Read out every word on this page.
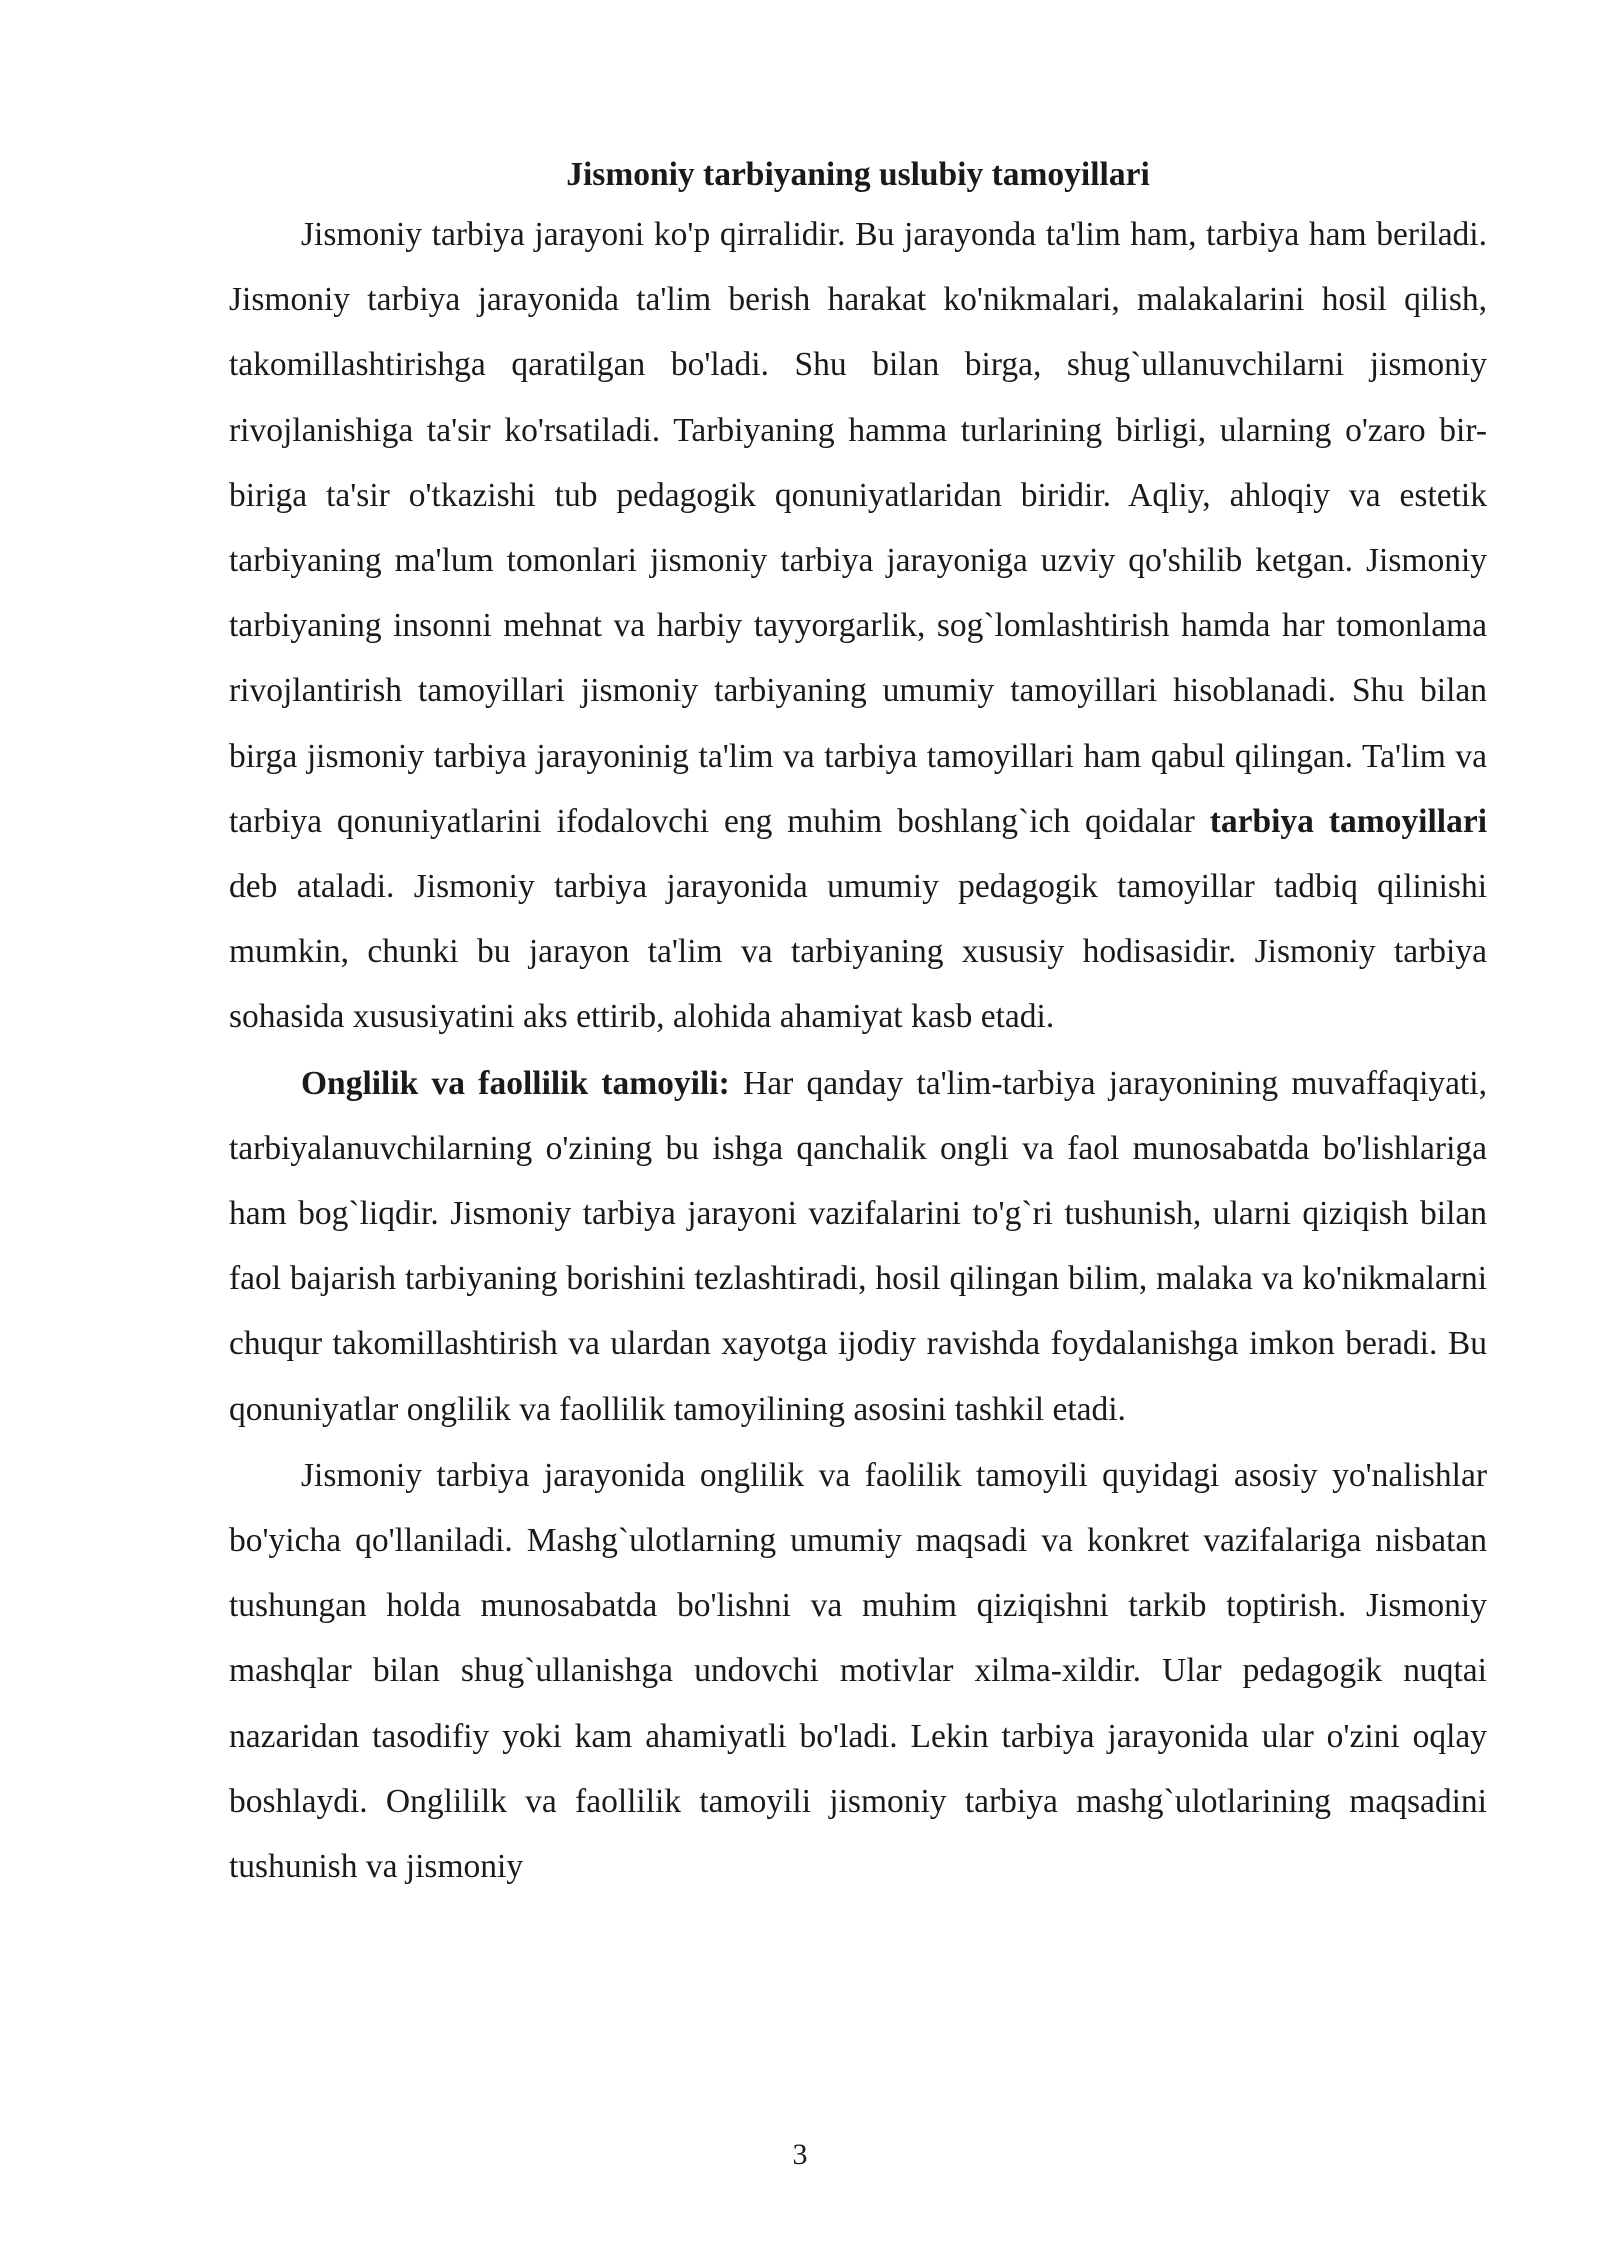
Jismoniy tarbiyaning uslubiy tamoyillari

Jismoniy tarbiya jarayoni ko'p qirralidir. Bu jarayonda ta'lim ham, tarbiya ham beriladi. Jismoniy tarbiya jarayonida ta'lim berish harakat ko'nikmalari, malakalarini hosil qilish, takomillashtirishga qaratilgan bo'ladi. Shu bilan birga, shug`ullanuvchilarni jismoniy rivojlanishiga ta'sir ko'rsatiladi. Tarbiyaning hamma turlarining birligi, ularning o'zaro bir-biriga ta'sir o'tkazishi tub pedagogik qonuniyatlaridan biridir. Aqliy, ahloqiy va estetik tarbiyaning ma'lum tomonlari jismoniy tarbiya jarayoniga uzviy qo'shilib ketgan. Jismoniy tarbiyaning insonni mehnat va harbiy tayyorgarlik, sog`lomlashtirish hamda har tomonlama rivojlantirish tamoyillari jismoniy tarbiyaning umumiy tamoyillari hisoblanadi. Shu bilan birga jismoniy tarbiya jarayoninig ta'lim va tarbiya tamoyillari ham qabul qilingan. Ta'lim va tarbiya qonuniyatlarini ifodalovchi eng muhim boshlang`ich qoidalar tarbiya tamoyillari deb ataladi. Jismoniy tarbiya jarayonida umumiy pedagogik tamoyillar tadbiq qilinishi mumkin, chunki bu jarayon ta'lim va tarbiyaning xususiy hodisasidir. Jismoniy tarbiya sohasida xususiyatini aks ettirib, alohida ahamiyat kasb etadi.

Onglilik va faollilik tamoyili: Har qanday ta'lim-tarbiya jarayonining muvaffaqiyati, tarbiyalanuvchilarning o'zining bu ishga qanchalik ongli va faol munosabatda bo'lishlariga ham bog`liqdir. Jismoniy tarbiya jarayoni vazifalarini to'g`ri tushunish, ularni qiziqish bilan faol bajarish tarbiyaning borishini tezlashtiradi, hosil qilingan bilim, malaka va ko'nikmalarni chuqur takomillashtirish va ulardan xayotga ijodiy ravishda foydalanishga imkon beradi. Bu qonuniyatlar onglilik va faollilik tamoyilining asosini tashkil etadi.

Jismoniy tarbiya jarayonida onglilik va faolilik tamoyili quyidagi asosiy yo'nalishlar bo'yicha qo'llaniladi. Mashg`ulotlarning umumiy maqsadi va konkret vazifalariga nisbatan tushungan holda munosabatda bo'lishni va muhim qiziqishni tarkib toptirish. Jismoniy mashqlar bilan shug`ullanishga undovchi motivlar xilma-xildir. Ular pedagogik nuqtai nazaridan tasodifiy yoki kam ahamiyatli bo'ladi. Lekin tarbiya jarayonida ular o'zini oqlay boshlaydi. Onglililk va faollilik tamoyili jismoniy tarbiya mashg`ulotlarining maqsadini tushunish va jismoniy

3
